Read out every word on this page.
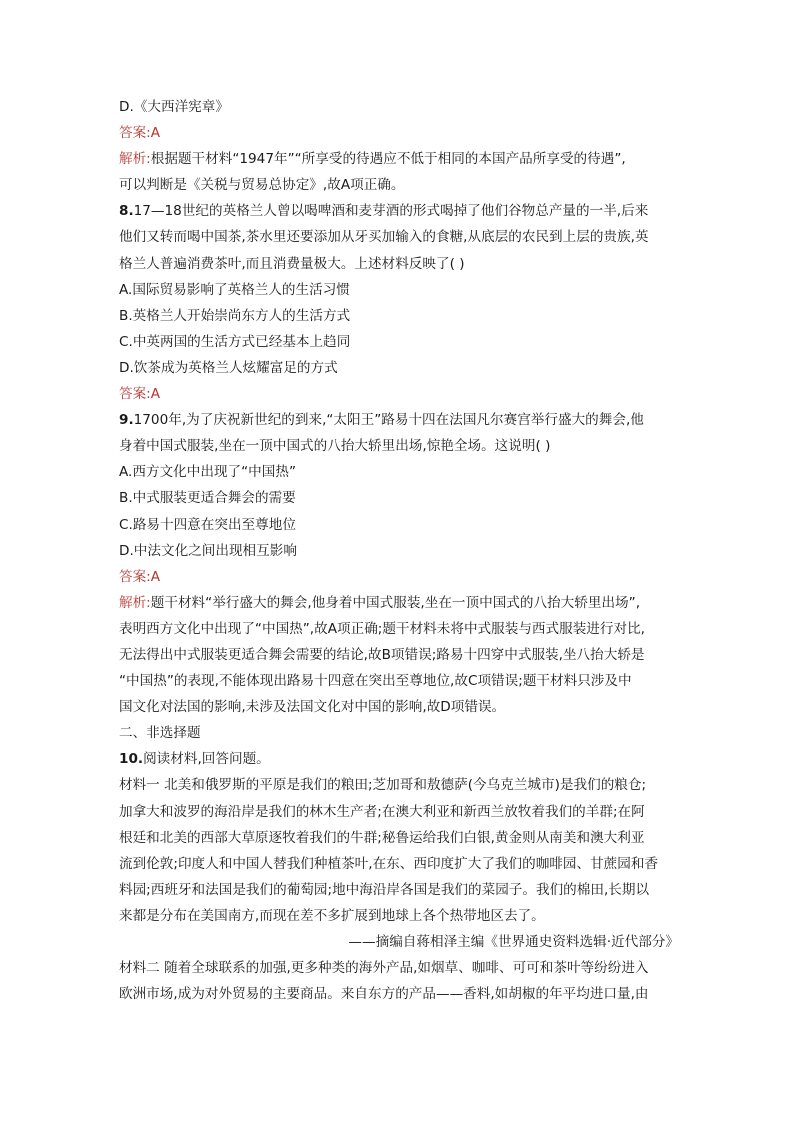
D.《大西洋宪章》
答案:A
解析:根据题干材料“1947年”“所享受的待遇应不低于相同的本国产品所享受的待遇”,
可以判断是《关税与贸易总协定》,故A项正确。
8.17—18世纪的英格兰人曾以喝啤酒和麦芽酒的形式喝掉了他们谷物总产量的一半,后来
他们又转而喝中国茶,茶水里还要添加从牙买加输入的食糖,从底层的农民到上层的贵族,英
格兰人普遍消费茶叶,而且消费量极大。上述材料反映了( )
A.国际贸易影响了英格兰人的生活习惯
B.英格兰人开始崇尚东方人的生活方式
C.中英两国的生活方式已经基本上趋同
D.饮茶成为英格兰人炫耀富足的方式
答案:A
9.1700年,为了庆祝新世纪的到来,“太阳王”路易十四在法国凡尔赛宫举行盛大的舞会,他
身着中国式服装,坐在一顶中国式的八抬大轿里出场,惊艳全场。这说明( )
A.西方文化中出现了“中国热”
B.中式服装更适合舞会的需要
C.路易十四意在突出至尊地位
D.中法文化之间出现相互影响
答案:A
解析:题干材料“举行盛大的舞会,他身着中国式服装,坐在一顶中国式的八抬大轿里出场”,
表明西方文化中出现了“中国热”,故A项正确;题干材料未将中式服装与西式服装进行对比,
无法得出中式服装更适合舞会需要的结论,故B项错误;路易十四穿中式服装,坐八抬大轿是
“中国热”的表现,不能体现出路易十四意在突出至尊地位,故C项错误;题干材料只涉及中
国文化对法国的影响,未涉及法国文化对中国的影响,故D项错误。
二、非选择题
10.阅读材料,回答问题。
材料一 北美和俄罗斯的平原是我们的粮田;芝加哥和敖德萨(今乌克兰城市)是我们的粮仓;
加拿大和波罗的海沿岸是我们的林木生产者;在澳大利亚和新西兰放牧着我们的羊群;在阿
根廷和北美的西部大草原逐牧着我们的牛群;秘鲁运给我们白银,黄金则从南美和澳大利亚
流到伦敦;印度人和中国人替我们种植茶叶,在东、西印度扩大了我们的咖啡园、甘蔗园和香
料园;西班牙和法国是我们的葡萄园;地中海沿岸各国是我们的菜园子。我们的棉田,长期以
来都是分布在美国南方,而现在差不多扩展到地球上各个热带地区去了。
——摘编自蒋相泽主编《世界通史资料选辑·近代部分》
材料二 随着全球联系的加强,更多种类的海外产品,如烟草、咖啡、可可和茶叶等纷纷进入
欧洲市场,成为对外贸易的主要商品。来自东方的产品——香料,如胡椒的年平均进口量,由
